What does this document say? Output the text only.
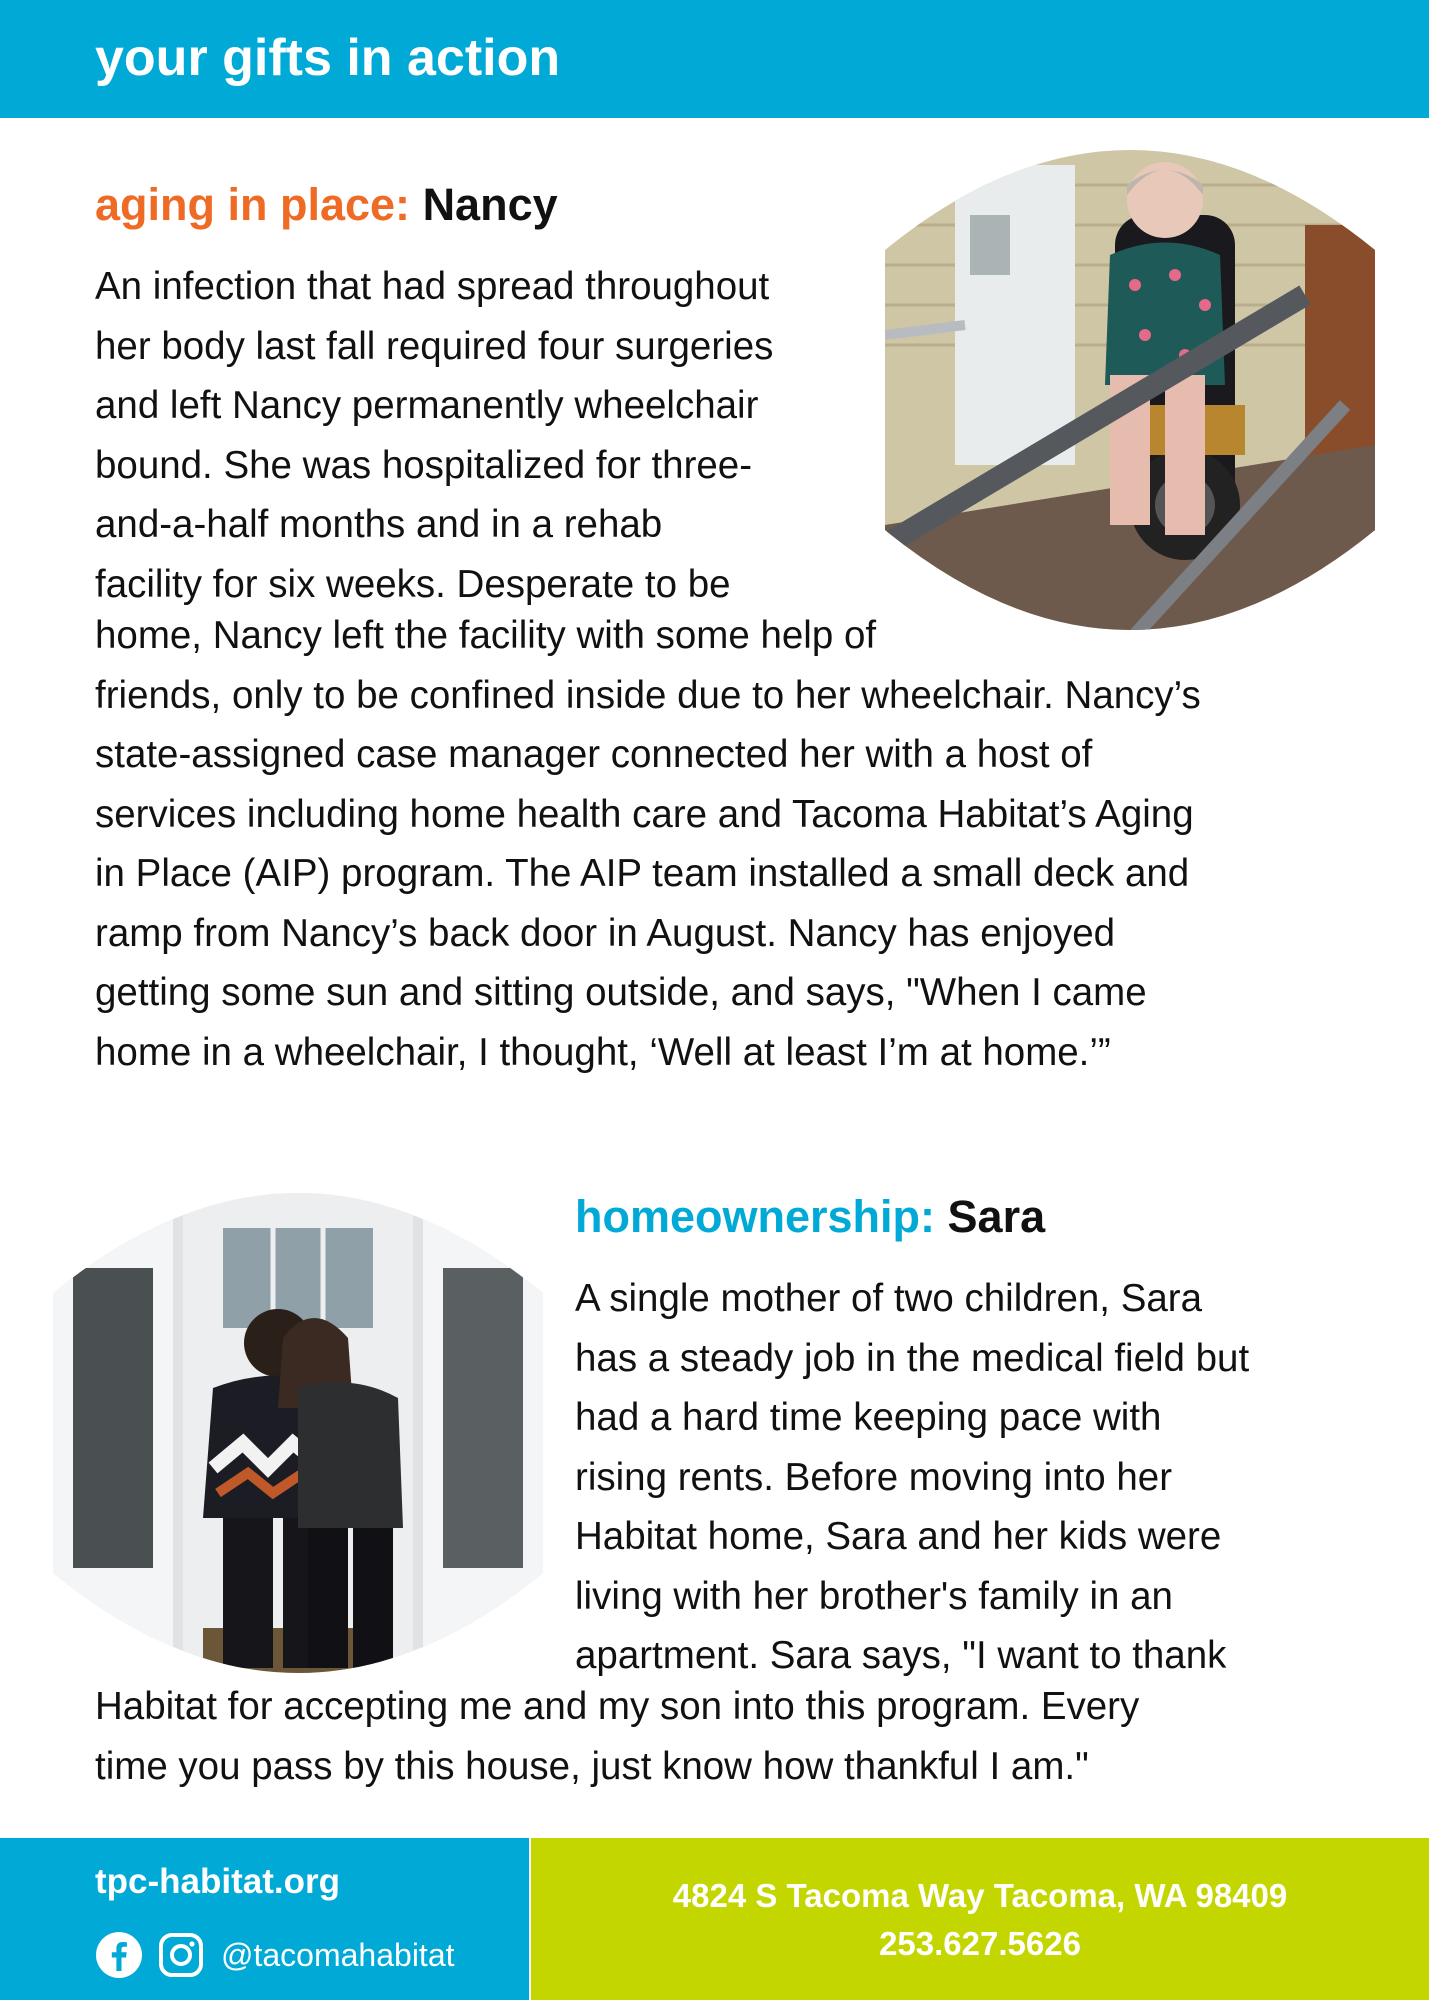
your gifts in action
aging in place: Nancy
An infection that had spread throughout
her body last fall required four surgeries
and left Nancy permanently wheelchair
bound. She was hospitalized for three-
and-a-half months and in a rehab
facility for six weeks. Desperate to be
home, Nancy left the facility with some help of
friends, only to be confined inside due to her wheelchair. Nancy’s
state-assigned case manager connected her with a host of
services including home health care and Tacoma Habitat’s Aging
in Place (AIP) program. The AIP team installed a small deck and
ramp from Nancy’s back door in August. Nancy has enjoyed
getting some sun and sitting outside, and says, "When I came
home in a wheelchair, I thought, ‘Well at least I’m at home.’”
homeownership: Sara
A single mother of two children, Sara
has a steady job in the medical field but
had a hard time keeping pace with
rising rents. Before moving into her
Habitat home, Sara and her kids were
living with her brother's family in an
apartment. Sara says, "I want to thank
Habitat for accepting me and my son into this program. Every
time you pass by this house, just know how thankful I am."
tpc-habitat.org
@tacomahabitat

4824 S Tacoma Way Tacoma, WA 98409

253.627.5626
